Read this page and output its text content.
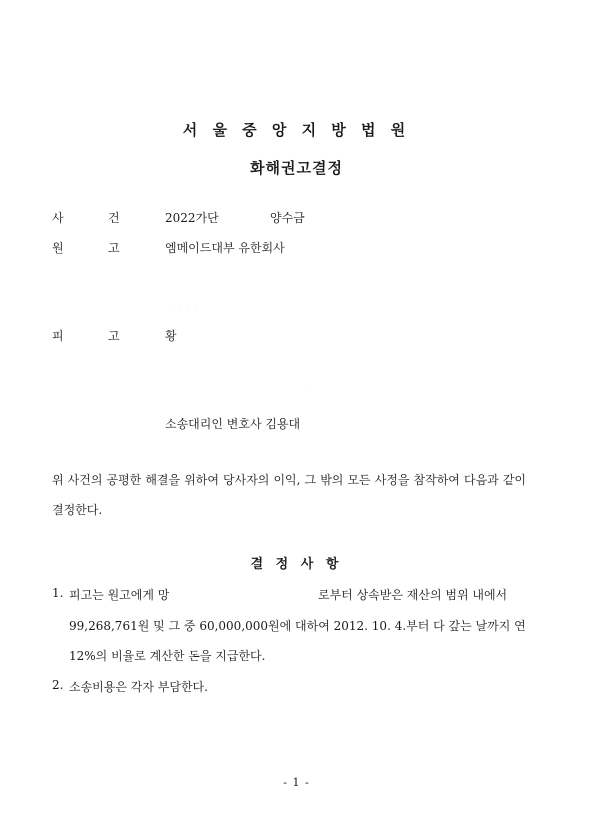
서 울 중 앙 지 방 법 원
화해권고결정
사	건	2022가단	양수금
원	고	엠메이드대부 유한회사
·   ·   ·   ·
피	고	황
·
소송대리인 변호사 김용대
위 사건의 공평한 해결을 위하여 당사자의 이익, 그 밖의 모든 사정을 참작하여 다음과 같이 결정한다.
결 정 사 항
1. 피고는 원고에게 망	로부터 상속받은 재산의 범위 내에서
99,268,761원 및 그 중 60,000,000원에 대하여 2012. 10. 4.부터 다 갚는 날까지 연
12%의 비율로 계산한 돈을 지급한다.
2. 소송비용은 각자 부담한다.
- 1 -
